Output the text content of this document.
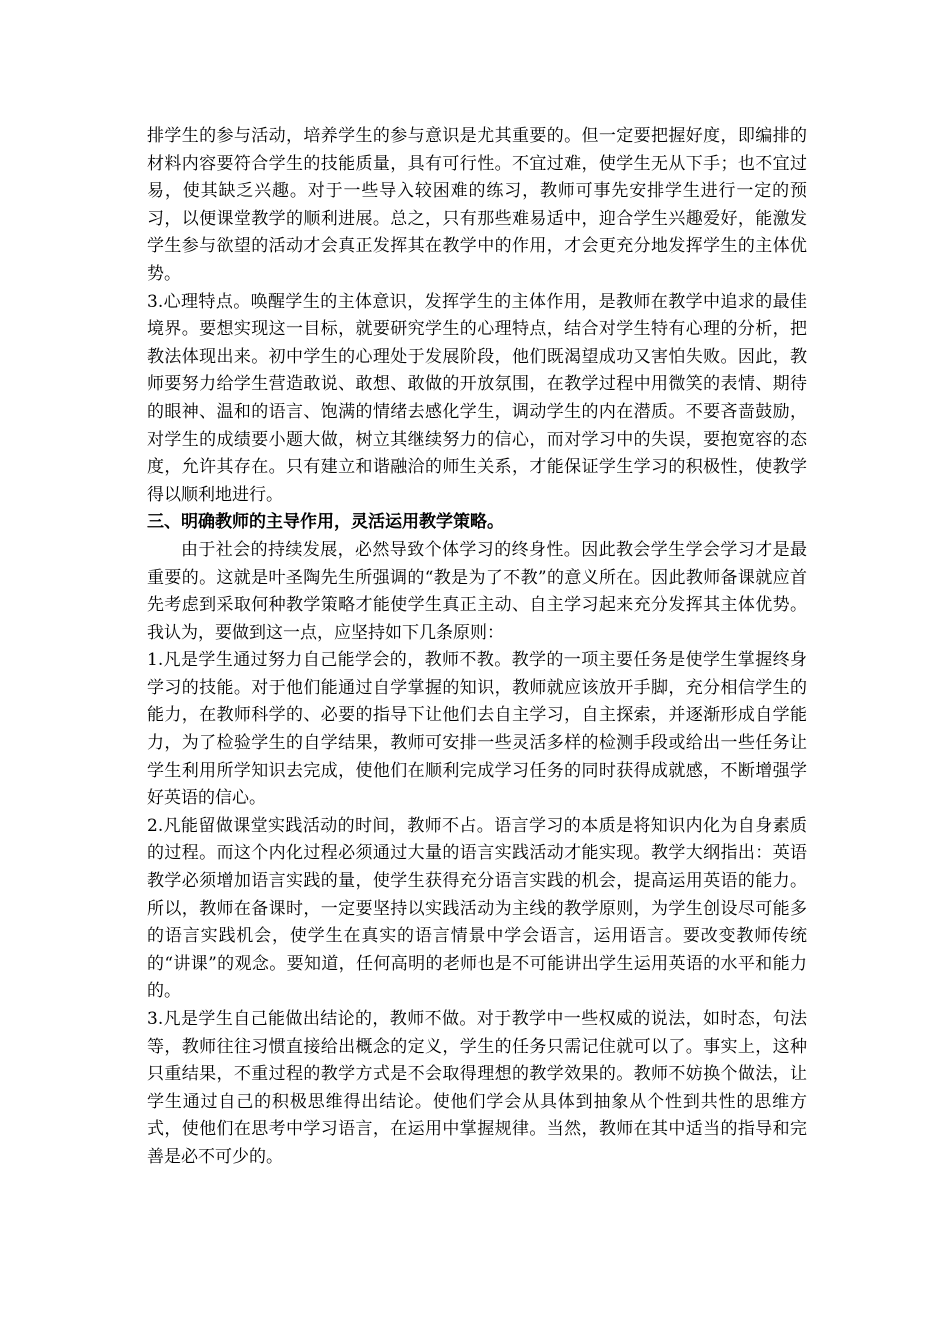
排学生的参与活动，培养学生的参与意识是尤其重要的。但一定要把握好度，即编排的材料内容要符合学生的技能质量，具有可行性。不宜过难，使学生无从下手；也不宜过易，使其缺乏兴趣。对于一些导入较困难的练习，教师可事先安排学生进行一定的预习，以便课堂教学的顺利进展。总之，只有那些难易适中，迎合学生兴趣爱好，能激发学生参与欲望的活动才会真正发挥其在教学中的作用，才会更充分地发挥学生的主体优势。

3.心理特点。唤醒学生的主体意识，发挥学生的主体作用，是教师在教学中追求的最佳境界。要想实现这一目标，就要研究学生的心理特点，结合对学生特有心理的分析，把教法体现出来。初中学生的心理处于发展阶段，他们既渴望成功又害怕失败。因此，教师要努力给学生营造敢说、敢想、敢做的开放氛围，在教学过程中用微笑的表情、期待的眼神、温和的语言、饱满的情绪去感化学生，调动学生的内在潜质。不要吝啬鼓励，对学生的成绩要小题大做，树立其继续努力的信心，而对学习中的失误，要抱宽容的态度，允许其存在。只有建立和谐融洽的师生关系，才能保证学生学习的积极性，使教学得以顺利地进行。

三、明确教师的主导作用，灵活运用教学策略。

由于社会的持续发展，必然导致个体学习的终身性。因此教会学生学会学习才是最重要的。这就是叶圣陶先生所强调的“教是为了不教”的意义所在。因此教师备课就应首先考虑到采取何种教学策略才能使学生真正主动、自主学习起来充分发挥其主体优势。我认为，要做到这一点，应坚持如下几条原则：

1.凡是学生通过努力自己能学会的，教师不教。教学的一项主要任务是使学生掌握终身学习的技能。对于他们能通过自学掌握的知识，教师就应该放开手脚，充分相信学生的能力，在教师科学的、必要的指导下让他们去自主学习，自主探索，并逐渐形成自学能力，为了检验学生的自学结果，教师可安排一些灵活多样的检测手段或给出一些任务让学生利用所学知识去完成，使他们在顺利完成学习任务的同时获得成就感，不断增强学好英语的信心。

2.凡能留做课堂实践活动的时间，教师不占。语言学习的本质是将知识内化为自身素质的过程。而这个内化过程必须通过大量的语言实践活动才能实现。教学大纲指出：英语教学必须增加语言实践的量，使学生获得充分语言实践的机会，提高运用英语的能力。所以，教师在备课时，一定要坚持以实践活动为主线的教学原则，为学生创设尽可能多的语言实践机会，使学生在真实的语言情景中学会语言，运用语言。要改变教师传统的“讲课”的观念。要知道，任何高明的老师也是不可能讲出学生运用英语的水平和能力的。

3.凡是学生自己能做出结论的，教师不做。对于教学中一些权威的说法，如时态，句法等，教师往往习惯直接给出概念的定义，学生的任务只需记住就可以了。事实上，这种只重结果，不重过程的教学方式是不会取得理想的教学效果的。教师不妨换个做法，让学生通过自己的积极思维得出结论。使他们学会从具体到抽象从个性到共性的思维方式，使他们在思考中学习语言，在运用中掌握规律。当然，教师在其中适当的指导和完善是必不可少的。
